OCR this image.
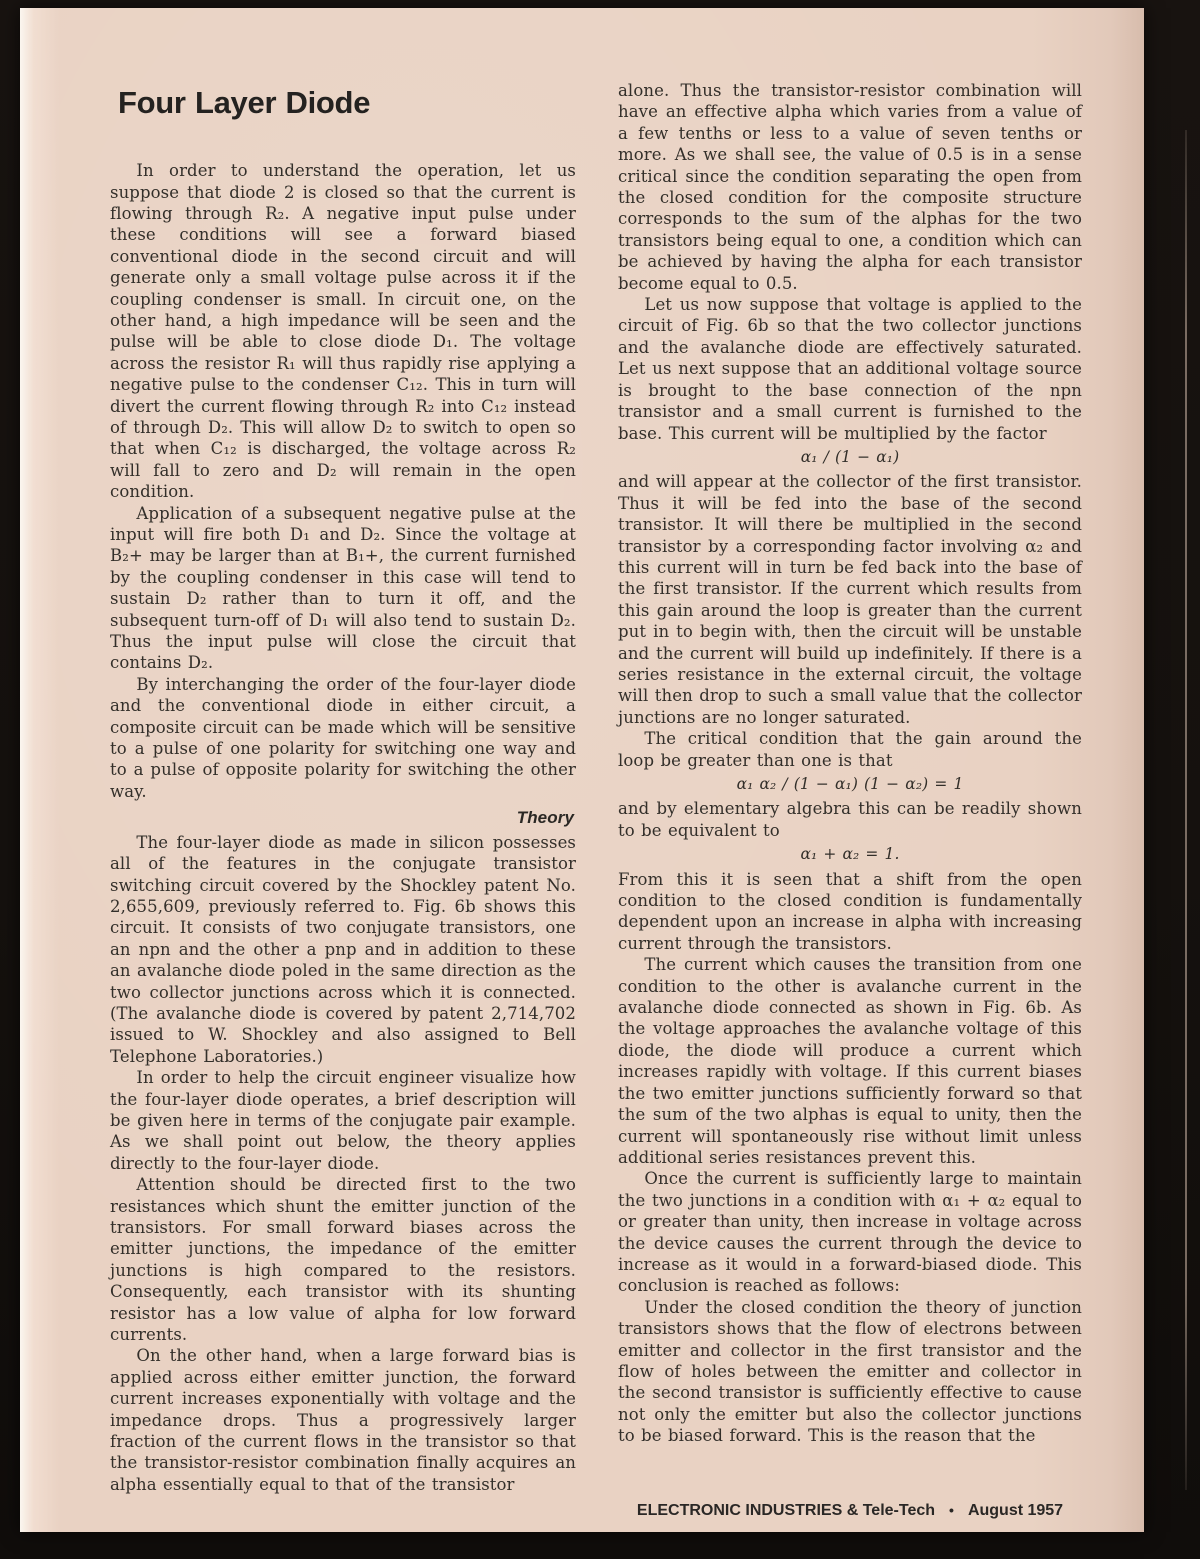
Four Layer Diode

In order to understand the operation, let us suppose that diode 2 is closed so that the current is flowing through R₂. A negative input pulse under these conditions will see a forward biased conventional diode in the second circuit and will generate only a small voltage pulse across it if the coupling condenser is small. In circuit one, on the other hand, a high impedance will be seen and the pulse will be able to close diode D₁. The voltage across the resistor R₁ will thus rapidly rise applying a negative pulse to the condenser C₁₂. This in turn will divert the current flowing through R₂ into C₁₂ instead of through D₂. This will allow D₂ to switch to open so that when C₁₂ is discharged, the voltage across R₂ will fall to zero and D₂ will remain in the open condition.

Application of a subsequent negative pulse at the input will fire both D₁ and D₂. Since the voltage at B₂+ may be larger than at B₁+, the current furnished by the coupling condenser in this case will tend to sustain D₂ rather than to turn it off, and the subsequent turn-off of D₁ will also tend to sustain D₂. Thus the input pulse will close the circuit that contains D₂.

By interchanging the order of the four-layer diode and the conventional diode in either circuit, a composite circuit can be made which will be sensitive to a pulse of one polarity for switching one way and to a pulse of opposite polarity for switching the other way.

Theory

The four-layer diode as made in silicon possesses all of the features in the conjugate transistor switching circuit covered by the Shockley patent No. 2,655,609, previously referred to. Fig. 6b shows this circuit. It consists of two conjugate transistors, one an npn and the other a pnp and in addition to these an avalanche diode poled in the same direction as the two collector junctions across which it is connected. (The avalanche diode is covered by patent 2,714,702 issued to W. Shockley and also assigned to Bell Telephone Laboratories.)

In order to help the circuit engineer visualize how the four-layer diode operates, a brief description will be given here in terms of the conjugate pair example. As we shall point out below, the theory applies directly to the four-layer diode.

Attention should be directed first to the two resistances which shunt the emitter junction of the transistors. For small forward biases across the emitter junctions, the impedance of the emitter junctions is high compared to the resistors. Consequently, each transistor with its shunting resistor has a low value of alpha for low forward currents.

On the other hand, when a large forward bias is applied across either emitter junction, the forward current increases exponentially with voltage and the impedance drops. Thus a progressively larger fraction of the current flows in the transistor so that the transistor-resistor combination finally acquires an alpha essentially equal to that of the transistor

alone. Thus the transistor-resistor combination will have an effective alpha which varies from a value of a few tenths or less to a value of seven tenths or more. As we shall see, the value of 0.5 is in a sense critical since the condition separating the open from the closed condition for the composite structure corresponds to the sum of the alphas for the two transistors being equal to one, a condition which can be achieved by having the alpha for each transistor become equal to 0.5.

Let us now suppose that voltage is applied to the circuit of Fig. 6b so that the two collector junctions and the avalanche diode are effectively saturated. Let us next suppose that an additional voltage source is brought to the base connection of the npn transistor and a small current is furnished to the base. This current will be multiplied by the factor

α₁ / (1 − α₁)

and will appear at the collector of the first transistor. Thus it will be fed into the base of the second transistor. It will there be multiplied in the second transistor by a corresponding factor involving α₂ and this current will in turn be fed back into the base of the first transistor. If the current which results from this gain around the loop is greater than the current put in to begin with, then the circuit will be unstable and the current will build up indefinitely. If there is a series resistance in the external circuit, the voltage will then drop to such a small value that the collector junctions are no longer saturated.

The critical condition that the gain around the loop be greater than one is that

α₁ α₂ / (1 − α₁) (1 − α₂) = 1

and by elementary algebra this can be readily shown to be equivalent to

α₁ + α₂ = 1.

From this it is seen that a shift from the open condition to the closed condition is fundamentally dependent upon an increase in alpha with increasing current through the transistors.

The current which causes the transition from one condition to the other is avalanche current in the avalanche diode connected as shown in Fig. 6b. As the voltage approaches the avalanche voltage of this diode, the diode will produce a current which increases rapidly with voltage. If this current biases the two emitter junctions sufficiently forward so that the sum of the two alphas is equal to unity, then the current will spontaneously rise without limit unless additional series resistances prevent this.

Once the current is sufficiently large to maintain the two junctions in a condition with α₁ + α₂ equal to or greater than unity, then increase in voltage across the device causes the current through the device to increase as it would in a forward-biased diode. This conclusion is reached as follows:

Under the closed condition the theory of junction transistors shows that the flow of electrons between emitter and collector in the first transistor and the flow of holes between the emitter and collector in the second transistor is sufficiently effective to cause not only the emitter but also the collector junctions to be biased forward. This is the reason that the

ELECTRONIC INDUSTRIES & Tele-Tech • August 1957
